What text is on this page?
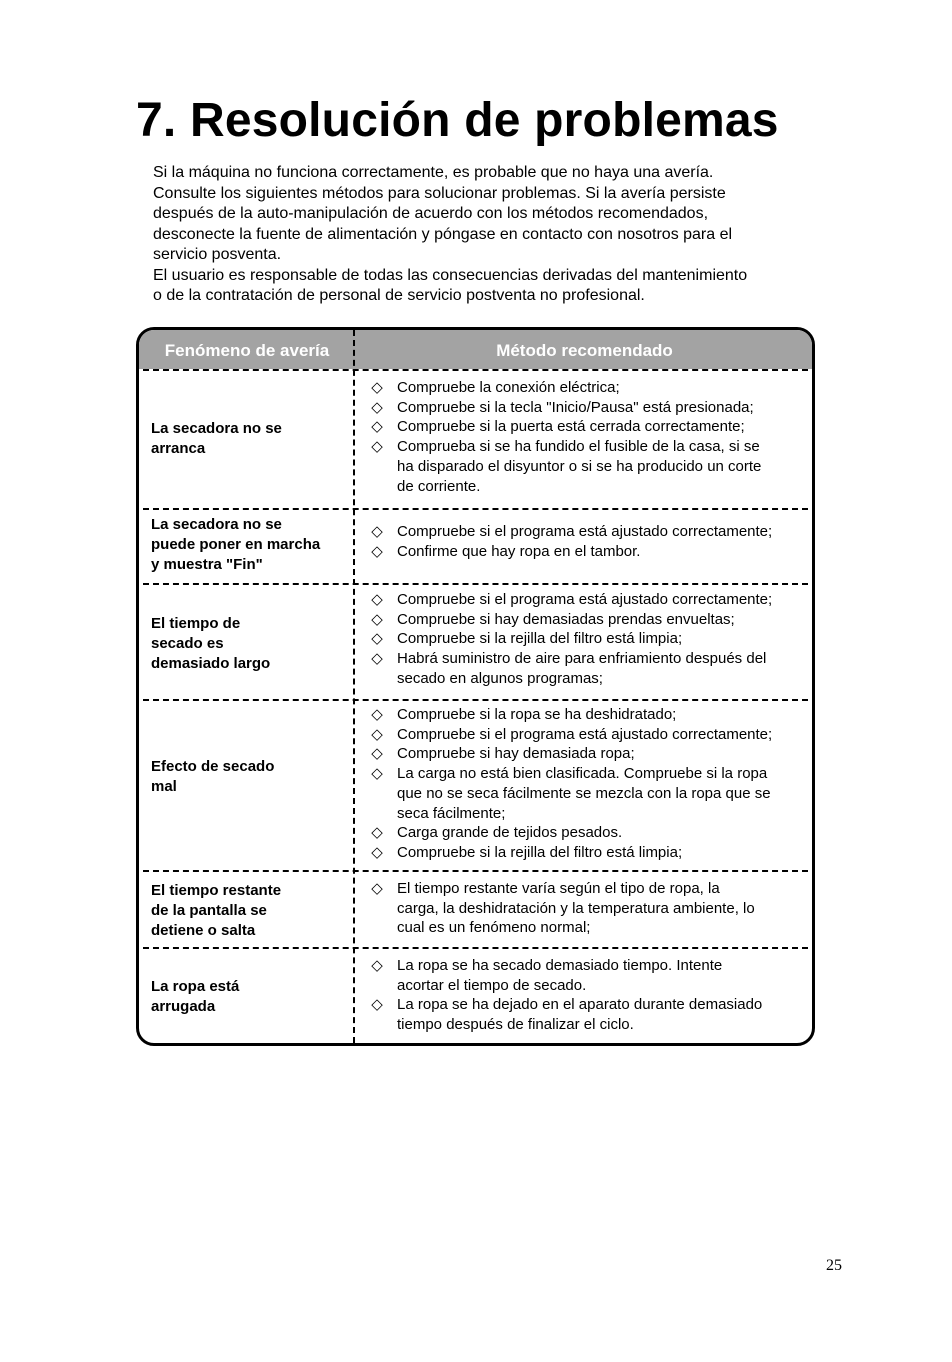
7. Resolución de problemas
Si la máquina no funciona correctamente, es probable que no haya una avería.
Consulte los siguientes métodos para solucionar problemas. Si la avería persiste
después de la auto-manipulación de acuerdo con los métodos recomendados,
desconecte la fuente de alimentación y póngase en contacto con nosotros para el
servicio posventa.
El usuario es responsable de todas las consecuencias derivadas del mantenimiento
o de la contratación de personal de servicio postventa no profesional.
Fenómeno de avería	Método recomendado
La secadora no se
arranca
◇ Compruebe la conexión eléctrica;
◇ Compruebe si la tecla "Inicio/Pausa" está presionada;
◇ Compruebe si la puerta está cerrada correctamente;
◇ Comprueba si se ha fundido el fusible de la casa, si se
ha disparado el disyuntor o si se ha producido un corte
de corriente.
La secadora no se
puede poner en marcha
y muestra "Fin"
◇ Compruebe si el programa está ajustado correctamente;
◇ Confirme que hay ropa en el tambor.
El tiempo de
secado es
demasiado largo
◇ Compruebe si el programa está ajustado correctamente;
◇ Compruebe si hay demasiadas prendas envueltas;
◇ Compruebe si la rejilla del filtro está limpia;
◇ Habrá suministro de aire para enfriamiento después del
secado en algunos programas;
Efecto de secado
mal
◇ Compruebe si la ropa se ha deshidratado;
◇ Compruebe si el programa está ajustado correctamente;
◇ Compruebe si hay demasiada ropa;
◇ La carga no está bien clasificada. Compruebe si la ropa
que no se seca fácilmente se mezcla con la ropa que se
seca fácilmente;
◇ Carga grande de tejidos pesados.
◇ Compruebe si la rejilla del filtro está limpia;
El tiempo restante
de la pantalla se
detiene o salta
◇ El tiempo restante varía según el tipo de ropa, la
carga, la deshidratación y la temperatura ambiente, lo
cual es un fenómeno normal;
La ropa está
arrugada
◇ La ropa se ha secado demasiado tiempo. Intente
acortar el tiempo de secado.
◇ La ropa se ha dejado en el aparato durante demasiado
tiempo después de finalizar el ciclo.
25
